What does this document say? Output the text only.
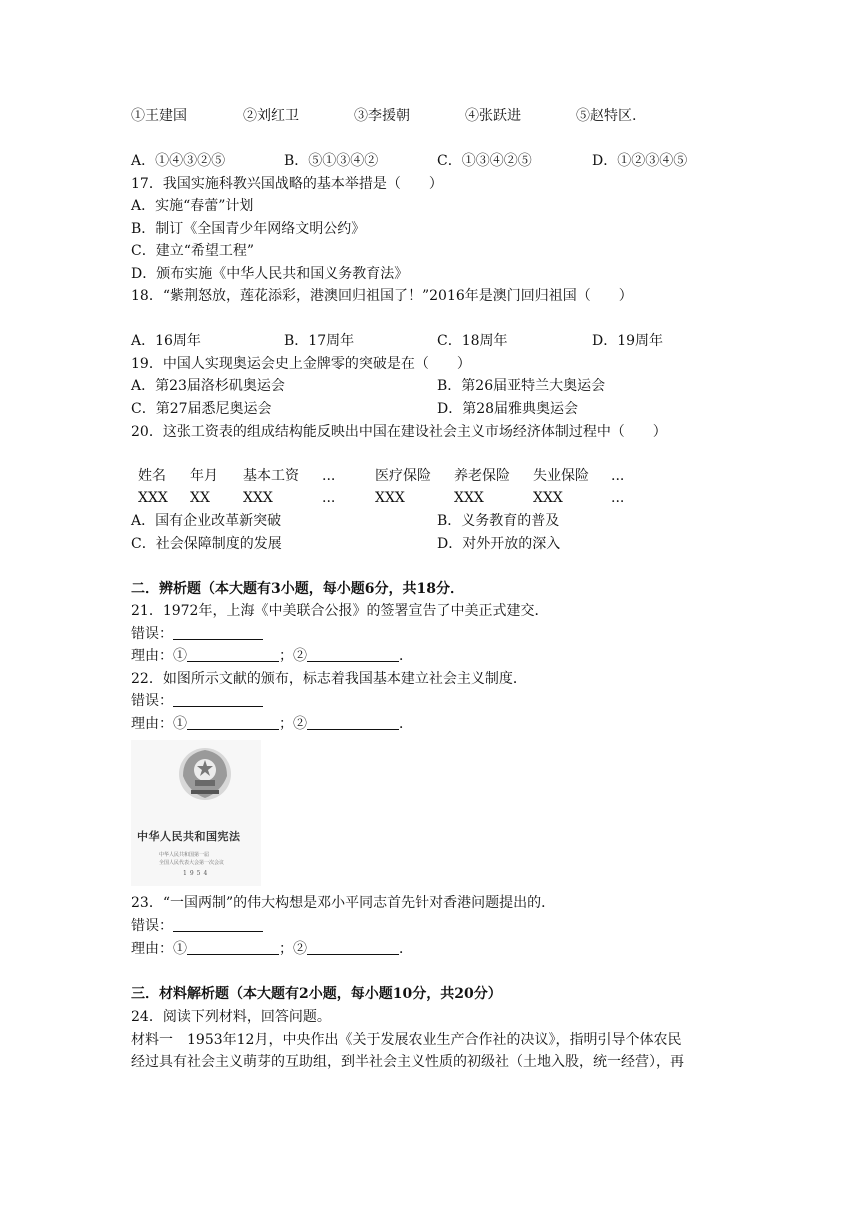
①王建国	②刘红卫	③李援朝	④张跃进	⑤赵特区.
A．①④③②⑤	B．⑤①③④②	C．①③④②⑤	D．①②③④⑤
17．我国实施科教兴国战略的基本举措是（　　）
A．实施“春蕾”计划
B．制订《全国青少年网络文明公约》
C．建立“希望工程”
D．颁布实施《中华人民共和国义务教育法》
18．“紫荆怒放，莲花添彩，港澳回归祖国了！”2016年是澳门回归祖国（　　）
A．16周年	B．17周年	C．18周年	D．19周年
19．中国人实现奥运会史上金牌零的突破是在（　　）
A．第23届洛杉矶奥运会	B．第26届亚特兰大奥运会
C．第27届悉尼奥运会	D．第28届雅典奥运会
20．这张工资表的组成结构能反映出中国在建设社会主义市场经济体制过程中（　　）
姓名 年月 基本工资 ...	医疗保险 养老保险 失业保险 ...
XXX XX XXX	...	XXX	XXX	XXX	...
A．国有企业改革新突破	B．义务教育的普及
C．社会保障制度的发展	D．对外开放的深入
二．辨析题（本大题有3小题，每小题6分，共18分．
21．1972年，上海《中美联合公报》的签署宣告了中美正式建交．
错误：
理由：①	；②	．
22．如图所示文献的颁布，标志着我国基本建立社会主义制度．
错误：
理由：①	；②	．
中华人民共和国宪法
中华人民共和国第一届
全国人民代表大会第一次会议
1954
23．“一国两制”的伟大构想是邓小平同志首先针对香港问题提出的．
错误：
理由：①	；②	．
三．材料解析题（本大题有2小题，每小题10分，共20分）
24．阅读下列材料，回答问题。
材料一　1953年12月，中央作出《关于发展农业生产合作社的决议》，指明引导个体农民
经过具有社会主义萌芽的互助组，到半社会主义性质的初级社（土地入股，统一经营），再
